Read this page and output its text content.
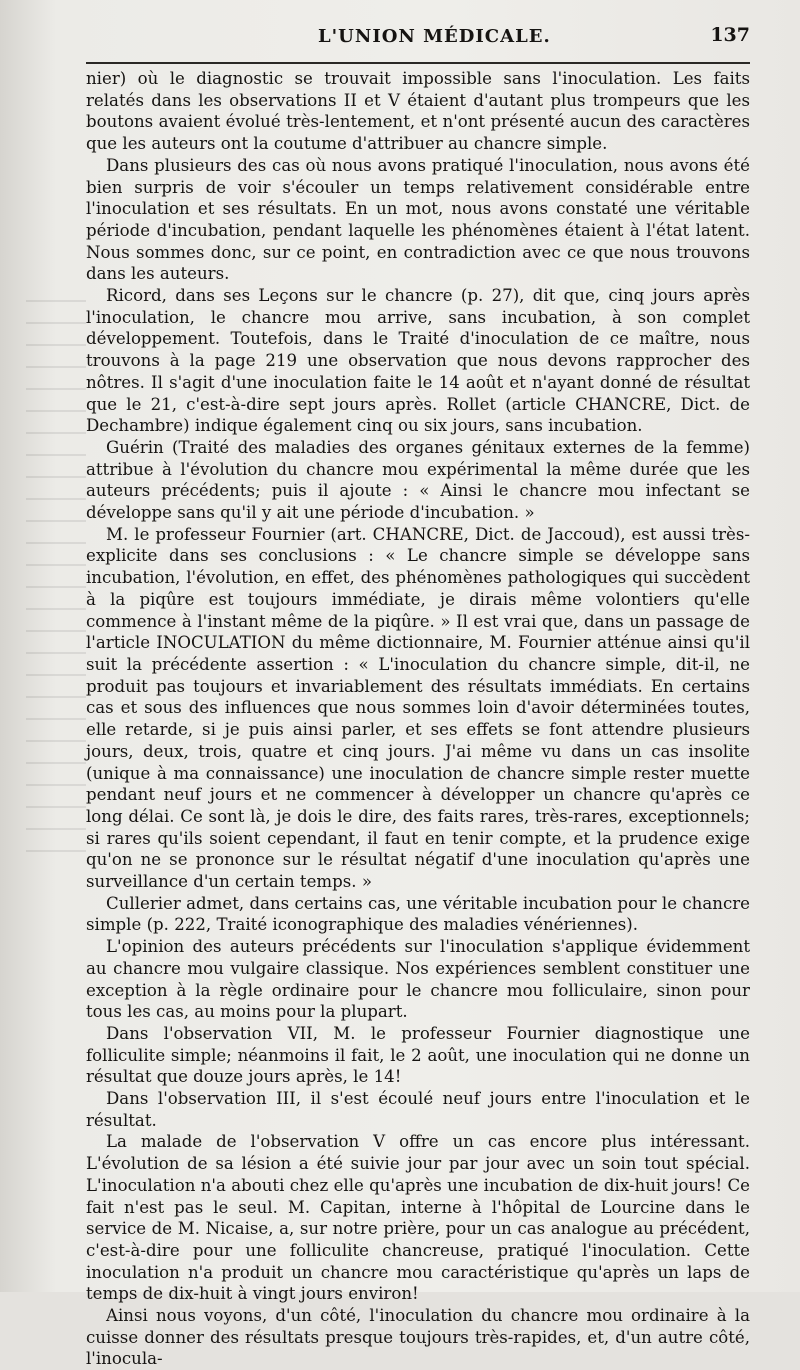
L'UNION MÉDICALE.	137

nier) où le diagnostic se trouvait impossible sans l'inoculation. Les faits relatés dans les observations II et V étaient d'autant plus trompeurs que les boutons avaient évolué très-lentement, et n'ont présenté aucun des caractères que les auteurs ont la coutume d'attribuer au chancre simple.

Dans plusieurs des cas où nous avons pratiqué l'inoculation, nous avons été bien surpris de voir s'écouler un temps relativement considérable entre l'inoculation et ses résultats. En un mot, nous avons constaté une véritable période d'incubation, pendant laquelle les phénomènes étaient à l'état latent. Nous sommes donc, sur ce point, en contradiction avec ce que nous trouvons dans les auteurs.

Ricord, dans ses Leçons sur le chancre (p. 27), dit que, cinq jours après l'inoculation, le chancre mou arrive, sans incubation, à son complet développement. Toutefois, dans le Traité d'inoculation de ce maître, nous trouvons à la page 219 une observation que nous devons rapprocher des nôtres. Il s'agit d'une inoculation faite le 14 août et n'ayant donné de résultat que le 21, c'est-à-dire sept jours après. Rollet (article CHANCRE, Dict. de Dechambre) indique également cinq ou six jours, sans incubation.

Guérin (Traité des maladies des organes génitaux externes de la femme) attribue à l'évolution du chancre mou expérimental la même durée que les auteurs précédents; puis il ajoute : « Ainsi le chancre mou infectant se développe sans qu'il y ait une période d'incubation. »

M. le professeur Fournier (art. CHANCRE, Dict. de Jaccoud), est aussi très-explicite dans ses conclusions : « Le chancre simple se développe sans incubation, l'évolution, en effet, des phénomènes pathologiques qui succèdent à la piqûre est toujours immédiate, je dirais même volontiers qu'elle commence à l'instant même de la piqûre. » Il est vrai que, dans un passage de l'article INOCULATION du même dictionnaire, M. Fournier atténue ainsi qu'il suit la précédente assertion : « L'inoculation du chancre simple, dit-il, ne produit pas toujours et invariablement des résultats immédiats. En certains cas et sous des influences que nous sommes loin d'avoir déterminées toutes, elle retarde, si je puis ainsi parler, et ses effets se font attendre plusieurs jours, deux, trois, quatre et cinq jours. J'ai même vu dans un cas insolite (unique à ma connaissance) une inoculation de chancre simple rester muette pendant neuf jours et ne commencer à développer un chancre qu'après ce long délai. Ce sont là, je dois le dire, des faits rares, très-rares, exceptionnels; si rares qu'ils soient cependant, il faut en tenir compte, et la prudence exige qu'on ne se prononce sur le résultat négatif d'une inoculation qu'après une surveillance d'un certain temps. »

Cullerier admet, dans certains cas, une véritable incubation pour le chancre simple (p. 222, Traité iconographique des maladies vénériennes).

L'opinion des auteurs précédents sur l'inoculation s'applique évidemment au chancre mou vulgaire classique. Nos expériences semblent constituer une exception à la règle ordinaire pour le chancre mou folliculaire, sinon pour tous les cas, au moins pour la plupart.

Dans l'observation VII, M. le professeur Fournier diagnostique une folliculite simple; néanmoins il fait, le 2 août, une inoculation qui ne donne un résultat que douze jours après, le 14!

Dans l'observation III, il s'est écoulé neuf jours entre l'inoculation et le résultat.

La malade de l'observation V offre un cas encore plus intéressant. L'évolution de sa lésion a été suivie jour par jour avec un soin tout spécial. L'inoculation n'a abouti chez elle qu'après une incubation de dix-huit jours! Ce fait n'est pas le seul. M. Capitan, interne à l'hôpital de Lourcine dans le service de M. Nicaise, a, sur notre prière, pour un cas analogue au précédent, c'est-à-dire pour une folliculite chancreuse, pratiqué l'inoculation. Cette inoculation n'a produit un chancre mou caractéristique qu'après un laps de temps de dix-huit à vingt jours environ!

Ainsi nous voyons, d'un côté, l'inoculation du chancre mou ordinaire à la cuisse donner des résultats presque toujours très-rapides, et, d'un autre côté, l'inocula-
